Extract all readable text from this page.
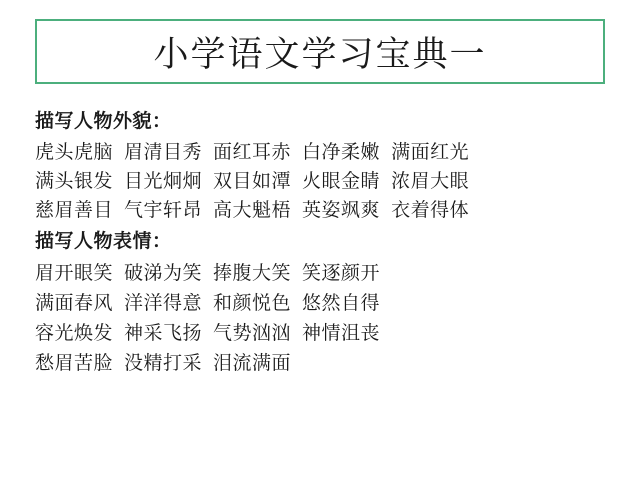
小学语文学习宝典一
描写人物外貌：
虎头虎脑 眉清目秀 面红耳赤 白净柔嫩 满面红光
满头银发 目光炯炯 双目如潭 火眼金睛 浓眉大眼
慈眉善目 气宇轩昂 高大魁梧 英姿飒爽 衣着得体
描写人物表情：
眉开眼笑 破涕为笑 捧腹大笑 笑逐颜开
满面春风 洋洋得意 和颜悦色 悠然自得
容光焕发 神采飞扬 气势汹汹 神情沮丧
愁眉苦脸 没精打采 泪流满面
